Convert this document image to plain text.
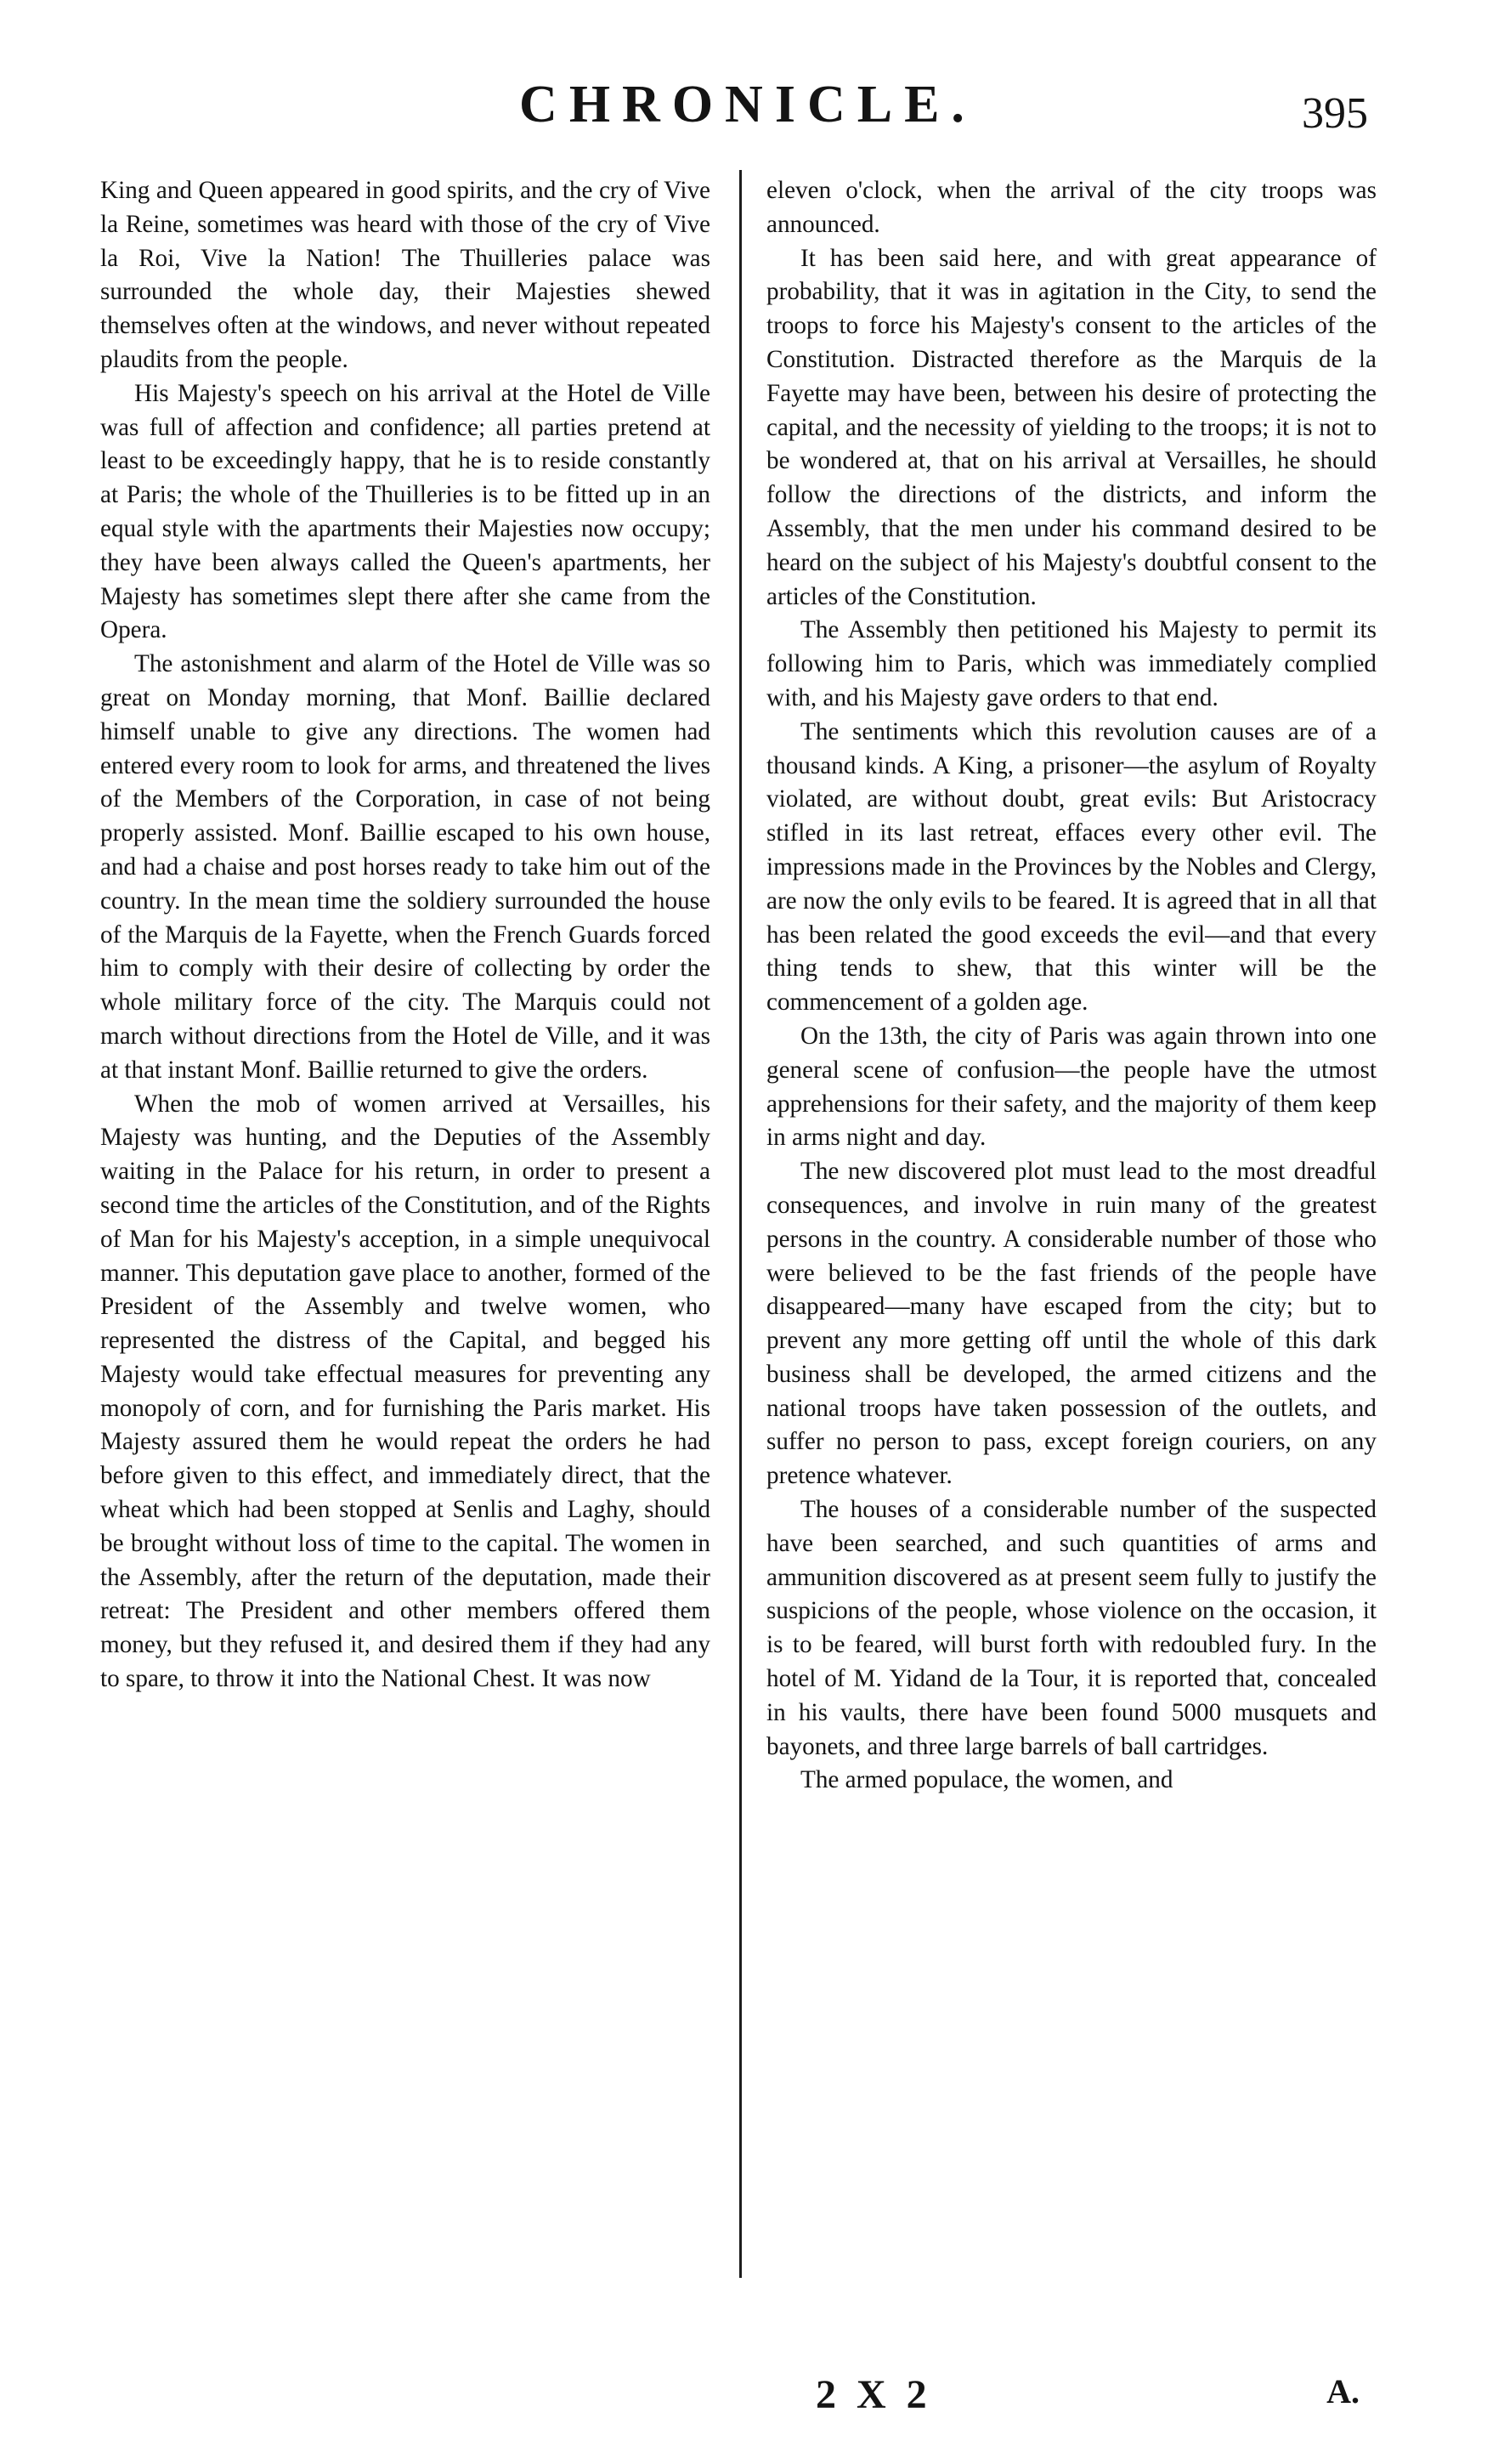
CHRONICLE.	395

King and Queen appeared in good spirits, and the cry of Vive la Reine, sometimes was heard with those of the cry of Vive la Roi, Vive la Nation! The Thuilleries palace was surrounded the whole day, their Majesties shewed themselves often at the windows, and never without repeated plaudits from the people.

His Majesty's speech on his arrival at the Hotel de Ville was full of affection and confidence; all parties pretend at least to be exceedingly happy, that he is to reside constantly at Paris; the whole of the Thuilleries is to be fitted up in an equal style with the apartments their Majesties now occupy; they have been always called the Queen's apartments, her Majesty has sometimes slept there after she came from the Opera.

The astonishment and alarm of the Hotel de Ville was so great on Monday morning, that Monf. Baillie declared himself unable to give any directions. The women had entered every room to look for arms, and threatened the lives of the Members of the Corporation, in case of not being properly assisted. Monf. Baillie escaped to his own house, and had a chaise and post horses ready to take him out of the country. In the mean time the soldiery surrounded the house of the Marquis de la Fayette, when the French Guards forced him to comply with their desire of collecting by order the whole military force of the city. The Marquis could not march without directions from the Hotel de Ville, and it was at that instant Monf. Baillie returned to give the orders.

When the mob of women arrived at Versailles, his Majesty was hunting, and the Deputies of the Assembly waiting in the Palace for his return, in order to present a second time the articles of the Constitution, and of the Rights of Man for his Majesty's acception, in a simple unequivocal manner. This deputation gave place to another, formed of the President of the Assembly and twelve women, who represented the distress of the Capital, and begged his Majesty would take effectual measures for preventing any monopoly of corn, and for furnishing the Paris market. His Majesty assured them he would repeat the orders he had before given to this effect, and immediately direct, that the wheat which had been stopped at Senlis and Laghy, should be brought without loss of time to the capital. The women in the Assembly, after the return of the deputation, made their retreat: The President and other members offered them money, but they refused it, and desired them if they had any to spare, to throw it into the National Chest. It was now

eleven o'clock, when the arrival of the city troops was announced.

It has been said here, and with great appearance of probability, that it was in agitation in the City, to send the troops to force his Majesty's consent to the articles of the Constitution. Distracted therefore as the Marquis de la Fayette may have been, between his desire of protecting the capital, and the necessity of yielding to the troops; it is not to be wondered at, that on his arrival at Versailles, he should follow the directions of the districts, and inform the Assembly, that the men under his command desired to be heard on the subject of his Majesty's doubtful consent to the articles of the Constitution.

The Assembly then petitioned his Majesty to permit its following him to Paris, which was immediately complied with, and his Majesty gave orders to that end.

The sentiments which this revolution causes are of a thousand kinds. A King, a prisoner—the asylum of Royalty violated, are without doubt, great evils: But Aristocracy stifled in its last retreat, effaces every other evil. The impressions made in the Provinces by the Nobles and Clergy, are now the only evils to be feared. It is agreed that in all that has been related the good exceeds the evil—and that every thing tends to shew, that this winter will be the commencement of a golden age.

On the 13th, the city of Paris was again thrown into one general scene of confusion—the people have the utmost apprehensions for their safety, and the majority of them keep in arms night and day.

The new discovered plot must lead to the most dreadful consequences, and involve in ruin many of the greatest persons in the country. A considerable number of those who were believed to be the fast friends of the people have disappeared—many have escaped from the city; but to prevent any more getting off until the whole of this dark business shall be developed, the armed citizens and the national troops have taken possession of the outlets, and suffer no person to pass, except foreign couriers, on any pretence whatever.

The houses of a considerable number of the suspected have been searched, and such quantities of arms and ammunition discovered as at present seem fully to justify the suspicions of the people, whose violence on the occasion, it is to be feared, will burst forth with redoubled fury. In the hotel of M. Yidand de la Tour, it is reported that, concealed in his vaults, there have been found 5000 musquets and bayonets, and three large barrels of ball cartridges.

The armed populace, the women, and

2 X 2	A.
